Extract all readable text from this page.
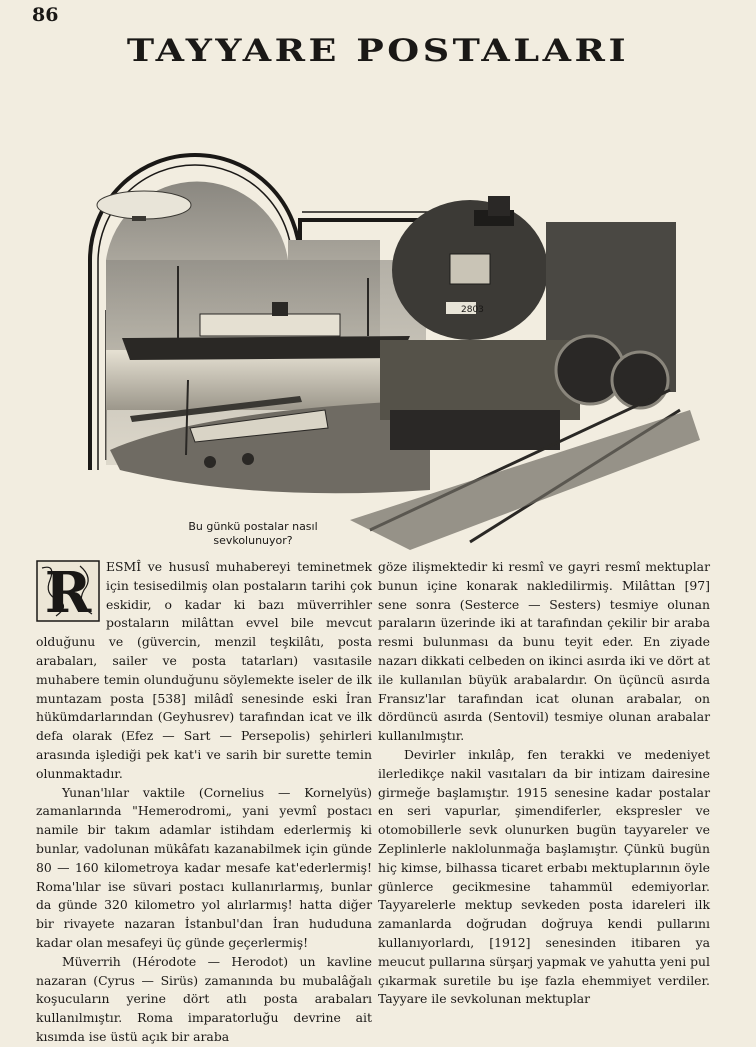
86
TAYYARE POSTALARI
2803
Bu günkü postalar nasıl sevkolunuyor?
R	ESMÎ ve hususî muhabereyi teminetmek için tesisedilmiş olan postaların tarihi çok eskidir, o kadar ki bazı müverrihler postaların milâttan evvel bile mevcut olduğunu ve (güvercin, menzil teşkilâtı, posta arabaları, sailer ve posta tatarları) vasıtasile muhabere temin olunduğunu söylemekte iseler de ilk muntazam posta [538] milâdî senesinde eski İran hükümdarlarından (Geyhusrev) tarafından icat ve ilk defa olarak (Efez — Sart — Persepolis) şehirleri arasında işlediği pek kat'i ve sarih bir surette temin olunmaktadır.

Yunan'lılar vaktile (Cornelius — Kornelyüs) zamanlarında "Hemerodromi„ yani yevmî postacı namile bir takım adamlar istihdam ederlermiş ki bunlar, vadolunan mükâfatı kazanabilmek için günde 80 — 160 kilometroya kadar mesafe kat'ederlermiş! Roma'lılar ise süvari postacı kullanırlarmış, bunlar da günde 320 kilometro yol alırlarmış! hatta diğer bir rivayete nazaran İstanbul'dan İran hududuna kadar olan mesafeyi üç günde geçerlermiş!

Müverrih (Hérodote — Herodot) un kavline nazaran (Cyrus — Sirüs) zamanında bu mubalâğalı koşucuların yerine dört atlı posta arabaları kullanılmıştır. Roma imparatorluğu devrine ait kısımda ise üstü açık bir araba

göze ilişmektedir ki resmî ve gayri resmî mektuplar bunun içine konarak nakledilirmiş. Milâttan [97] sene sonra (Sesterce — Sesters) tesmiye olunan paraların üzerinde iki at tarafından çekilir bir araba resmi bulunması da bunu teyit eder. En ziyade nazarı dikkati celbeden on ikinci asırda iki ve dört at ile kullanılan büyük arabalardır. On üçüncü asırda Fransız'lar tarafından icat olunan arabalar, on dördüncü asırda (Sentovil) tesmiye olunan arabalar kullanılmıştır.

Devirler inkılâp, fen terakki ve medeniyet ilerledikçe nakil vasıtaları da bir intizam dairesine girmeğe başlamıştır. 1915 senesine kadar postalar en seri vapurlar, şimendiferler, ekspresler ve otomobillerle sevk olunurken bugün tayyareler ve Zeplinlerle naklolunmağa başlamıştır. Çünkü bugün hiç kimse, bilhassa ticaret erbabı mektuplarının öyle günlerce gecikmesine tahammül edemiyorlar. Tayyarelerle mektup sevkeden posta idareleri ilk zamanlarda doğrudan doğruya kendi pullarını kullanıyorlardı, [1912] senesinden itibaren ya meucut pullarına sürşarj yapmak ve yahutta yeni pul çıkarmak suretile bu işe fazla ehemmiyet verdiler. Tayyare ile sevkolunan mektuplar
